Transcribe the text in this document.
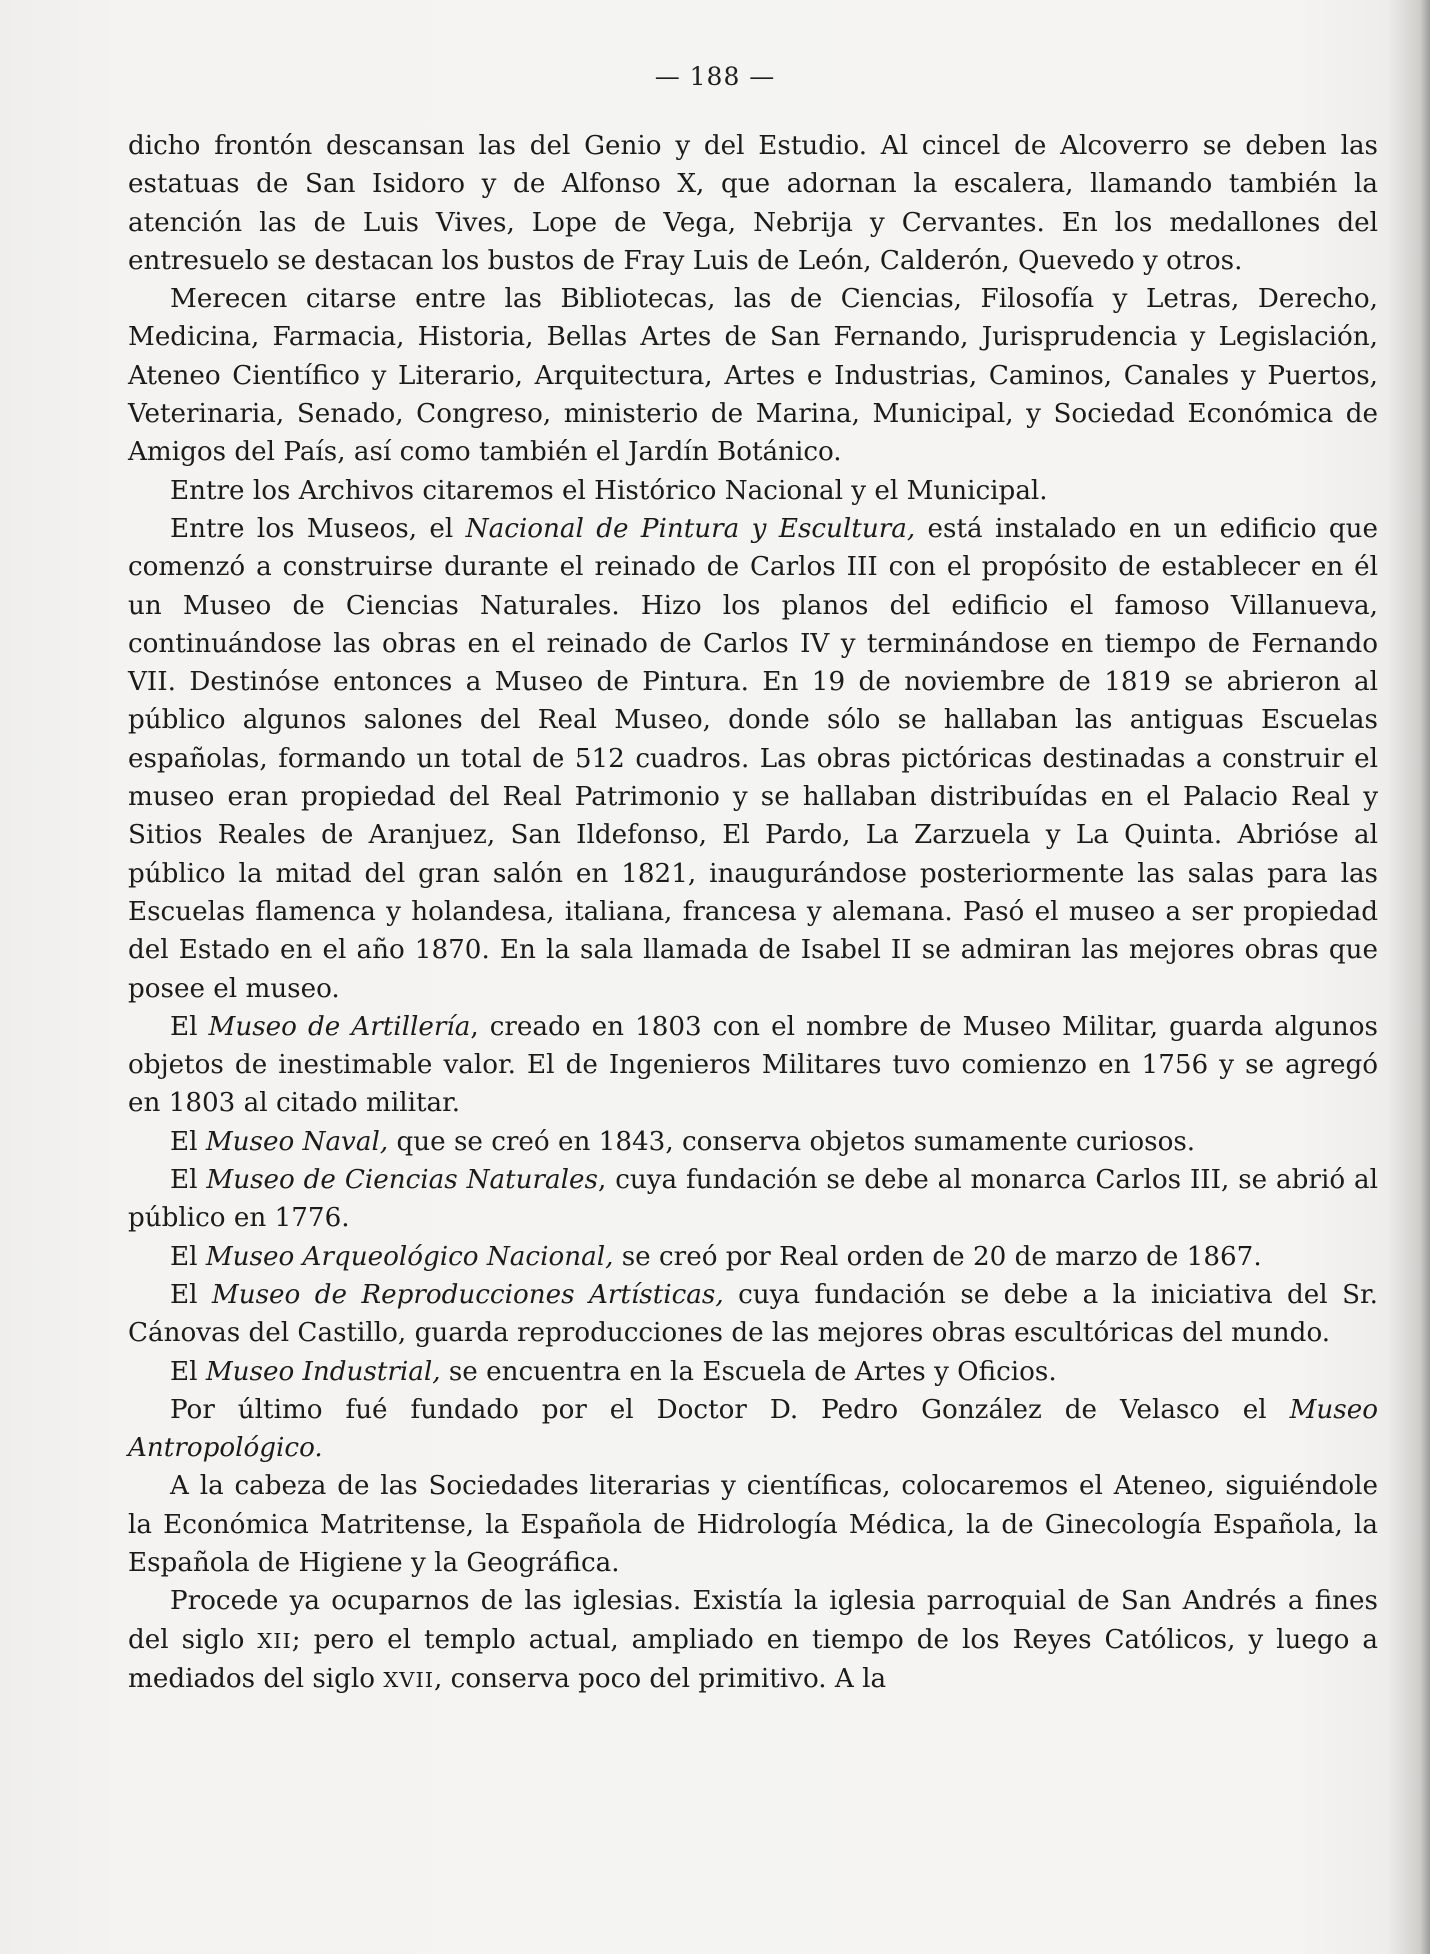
— 188 —

dicho frontón descansan las del Genio y del Estudio. Al cincel de Alcoverro se deben las estatuas de San Isidoro y de Alfonso X, que adornan la escalera, llamando también la atención las de Luis Vives, Lope de Vega, Nebrija y Cervantes. En los medallones del entresuelo se destacan los bustos de Fray Luis de León, Calderón, Quevedo y otros.

Merecen citarse entre las Bibliotecas, las de Ciencias, Filosofía y Letras, Derecho, Medicina, Farmacia, Historia, Bellas Artes de San Fernando, Jurisprudencia y Legislación, Ateneo Científico y Literario, Arquitectura, Artes e Industrias, Caminos, Canales y Puertos, Veterinaria, Senado, Congreso, ministerio de Marina, Municipal, y Sociedad Económica de Amigos del País, así como también el Jardín Botánico.

Entre los Archivos citaremos el Histórico Nacional y el Municipal.

Entre los Museos, el Nacional de Pintura y Escultura, está instalado en un edificio que comenzó a construirse durante el reinado de Carlos III con el propósito de establecer en él un Museo de Ciencias Naturales. Hizo los planos del edificio el famoso Villanueva, continuándose las obras en el reinado de Carlos IV y terminándose en tiempo de Fernando VII. Destinóse entonces a Museo de Pintura. En 19 de noviembre de 1819 se abrieron al público algunos salones del Real Museo, donde sólo se hallaban las antiguas Escuelas españolas, formando un total de 512 cuadros. Las obras pictóricas destinadas a construir el museo eran propiedad del Real Patrimonio y se hallaban distribuídas en el Palacio Real y Sitios Reales de Aranjuez, San Ildefonso, El Pardo, La Zarzuela y La Quinta. Abrióse al público la mitad del gran salón en 1821, inaugurándose posteriormente las salas para las Escuelas flamenca y holandesa, italiana, francesa y alemana. Pasó el museo a ser propiedad del Estado en el año 1870. En la sala llamada de Isabel II se admiran las mejores obras que posee el museo.

El Museo de Artillería, creado en 1803 con el nombre de Museo Militar, guarda algunos objetos de inestimable valor. El de Ingenieros Militares tuvo comienzo en 1756 y se agregó en 1803 al citado militar.

El Museo Naval, que se creó en 1843, conserva objetos sumamente curiosos.

El Museo de Ciencias Naturales, cuya fundación se debe al monarca Carlos III, se abrió al público en 1776.

El Museo Arqueológico Nacional, se creó por Real orden de 20 de marzo de 1867.

El Museo de Reproducciones Artísticas, cuya fundación se debe a la iniciativa del Sr. Cánovas del Castillo, guarda reproducciones de las mejores obras escultóricas del mundo.

El Museo Industrial, se encuentra en la Escuela de Artes y Oficios.

Por último fué fundado por el Doctor D. Pedro González de Velasco el Museo Antropológico.

A la cabeza de las Sociedades literarias y científicas, colocaremos el Ateneo, siguiéndole la Económica Matritense, la Española de Hidrología Médica, la de Ginecología Española, la Española de Higiene y la Geográfica.

Procede ya ocuparnos de las iglesias. Existía la iglesia parroquial de San Andrés a fines del siglo XII; pero el templo actual, ampliado en tiempo de los Reyes Católicos, y luego a mediados del siglo XVII, conserva poco del primitivo. A la
